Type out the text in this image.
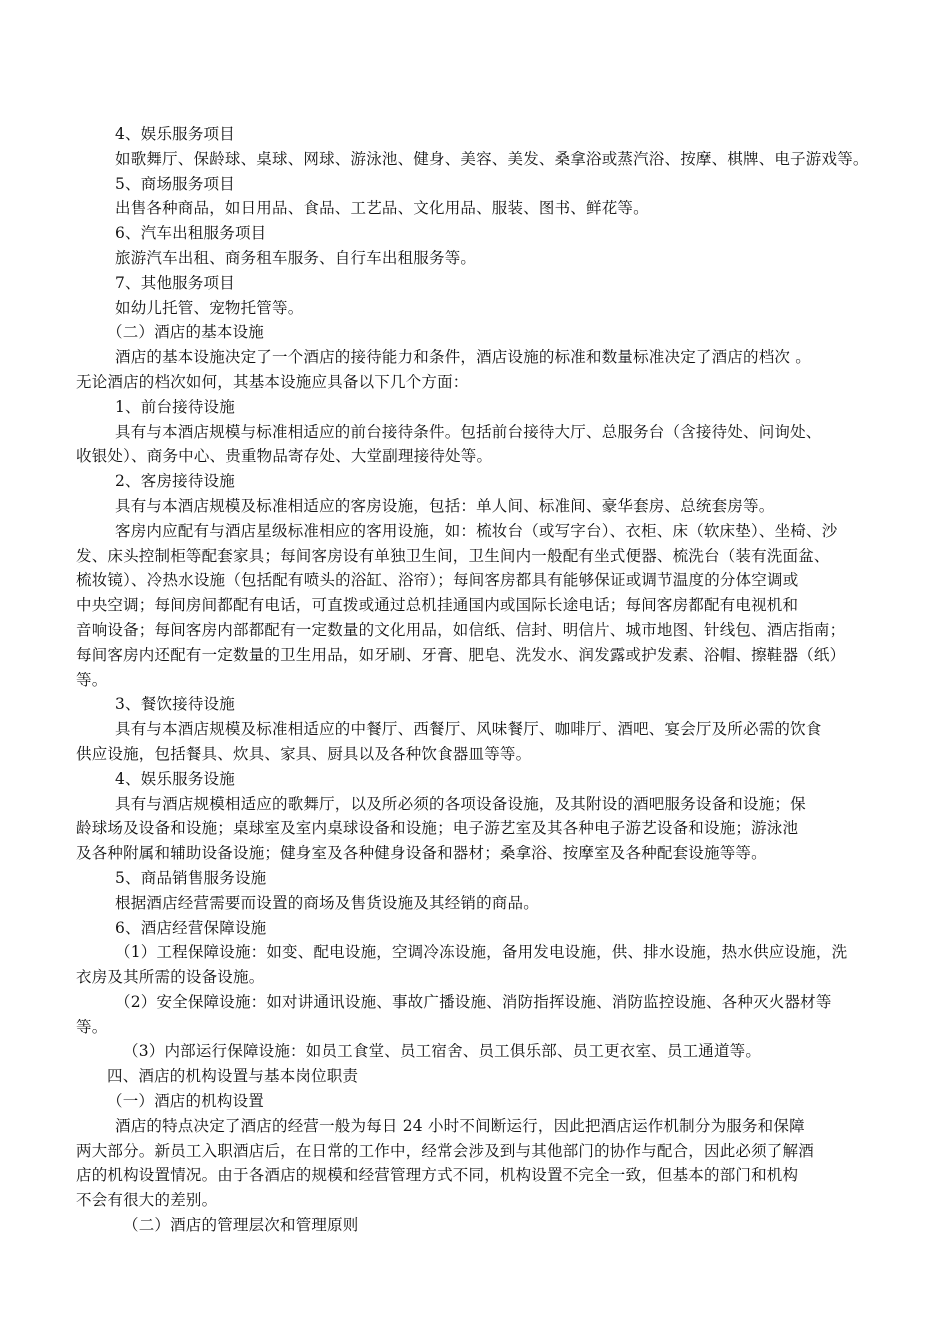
4、娱乐服务项目
如歌舞厅、保龄球、桌球、网球、游泳池、健身、美容、美发、桑拿浴或蒸汽浴、按摩、棋牌、电子游戏等。
5、商场服务项目
出售各种商品，如日用品、食品、工艺品、文化用品、服装、图书、鲜花等。
6、汽车出租服务项目
旅游汽车出租、商务租车服务、自行车出租服务等。
7、其他服务项目
如幼儿托管、宠物托管等。
（二）酒店的基本设施
酒店的基本设施决定了一个酒店的接待能力和条件，酒店设施的标准和数量标准决定了酒店的档次 。
无论酒店的档次如何，其基本设施应具备以下几个方面：
1、前台接待设施
具有与本酒店规模与标准相适应的前台接待条件。包括前台接待大厅、总服务台（含接待处、问询处、
收银处）、商务中心、贵重物品寄存处、大堂副理接待处等。
2、客房接待设施
具有与本酒店规模及标准相适应的客房设施，包括：单人间、标准间、豪华套房、总统套房等。
客房内应配有与酒店星级标准相应的客用设施，如：梳妆台（或写字台）、衣柜、床（软床垫）、坐椅、沙
发、床头控制柜等配套家具；每间客房设有单独卫生间，卫生间内一般配有坐式便器、梳洗台（装有洗面盆、
梳妆镜）、冷热水设施（包括配有喷头的浴缸、浴帘）；每间客房都具有能够保证或调节温度的分体空调或
中央空调；每间房间都配有电话，可直拨或通过总机挂通国内或国际长途电话；每间客房都配有电视机和
音响设备；每间客房内部都配有一定数量的文化用品，如信纸、信封、明信片、城市地图、针线包、酒店指南；
每间客房内还配有一定数量的卫生用品，如牙刷、牙膏、肥皂、洗发水、润发露或护发素、浴帽、擦鞋器（纸）
等。
3、餐饮接待设施
具有与本酒店规模及标准相适应的中餐厅、西餐厅、风味餐厅、咖啡厅、酒吧、宴会厅及所必需的饮食
供应设施，包括餐具、炊具、家具、厨具以及各种饮食器皿等等。
4、娱乐服务设施
具有与酒店规模相适应的歌舞厅，以及所必须的各项设备设施，及其附设的酒吧服务设备和设施；保
龄球场及设备和设施；桌球室及室内桌球设备和设施；电子游艺室及其各种电子游艺设备和设施；游泳池
及各种附属和辅助设备设施；健身室及各种健身设备和器材；桑拿浴、按摩室及各种配套设施等等。
5、商品销售服务设施
根据酒店经营需要而设置的商场及售货设施及其经销的商品。
6、酒店经营保障设施
（1）工程保障设施：如变、配电设施，空调冷冻设施，备用发电设施，供、排水设施，热水供应设施，洗
衣房及其所需的设备设施。
（2）安全保障设施：如对讲通讯设施、事故广播设施、消防指挥设施、消防监控设施、各种灭火器材等
等。
（3）内部运行保障设施：如员工食堂、员工宿舍、员工俱乐部、员工更衣室、员工通道等。
四、酒店的机构设置与基本岗位职责
（一）酒店的机构设置
酒店的特点决定了酒店的经营一般为每日 24 小时不间断运行，因此把酒店运作机制分为服务和保障
两大部分。新员工入职酒店后，在日常的工作中，经常会涉及到与其他部门的协作与配合，因此必须了解酒
店的机构设置情况。由于各酒店的规模和经营管理方式不同，机构设置不完全一致，但基本的部门和机构
不会有很大的差别。
（二）酒店的管理层次和管理原则
